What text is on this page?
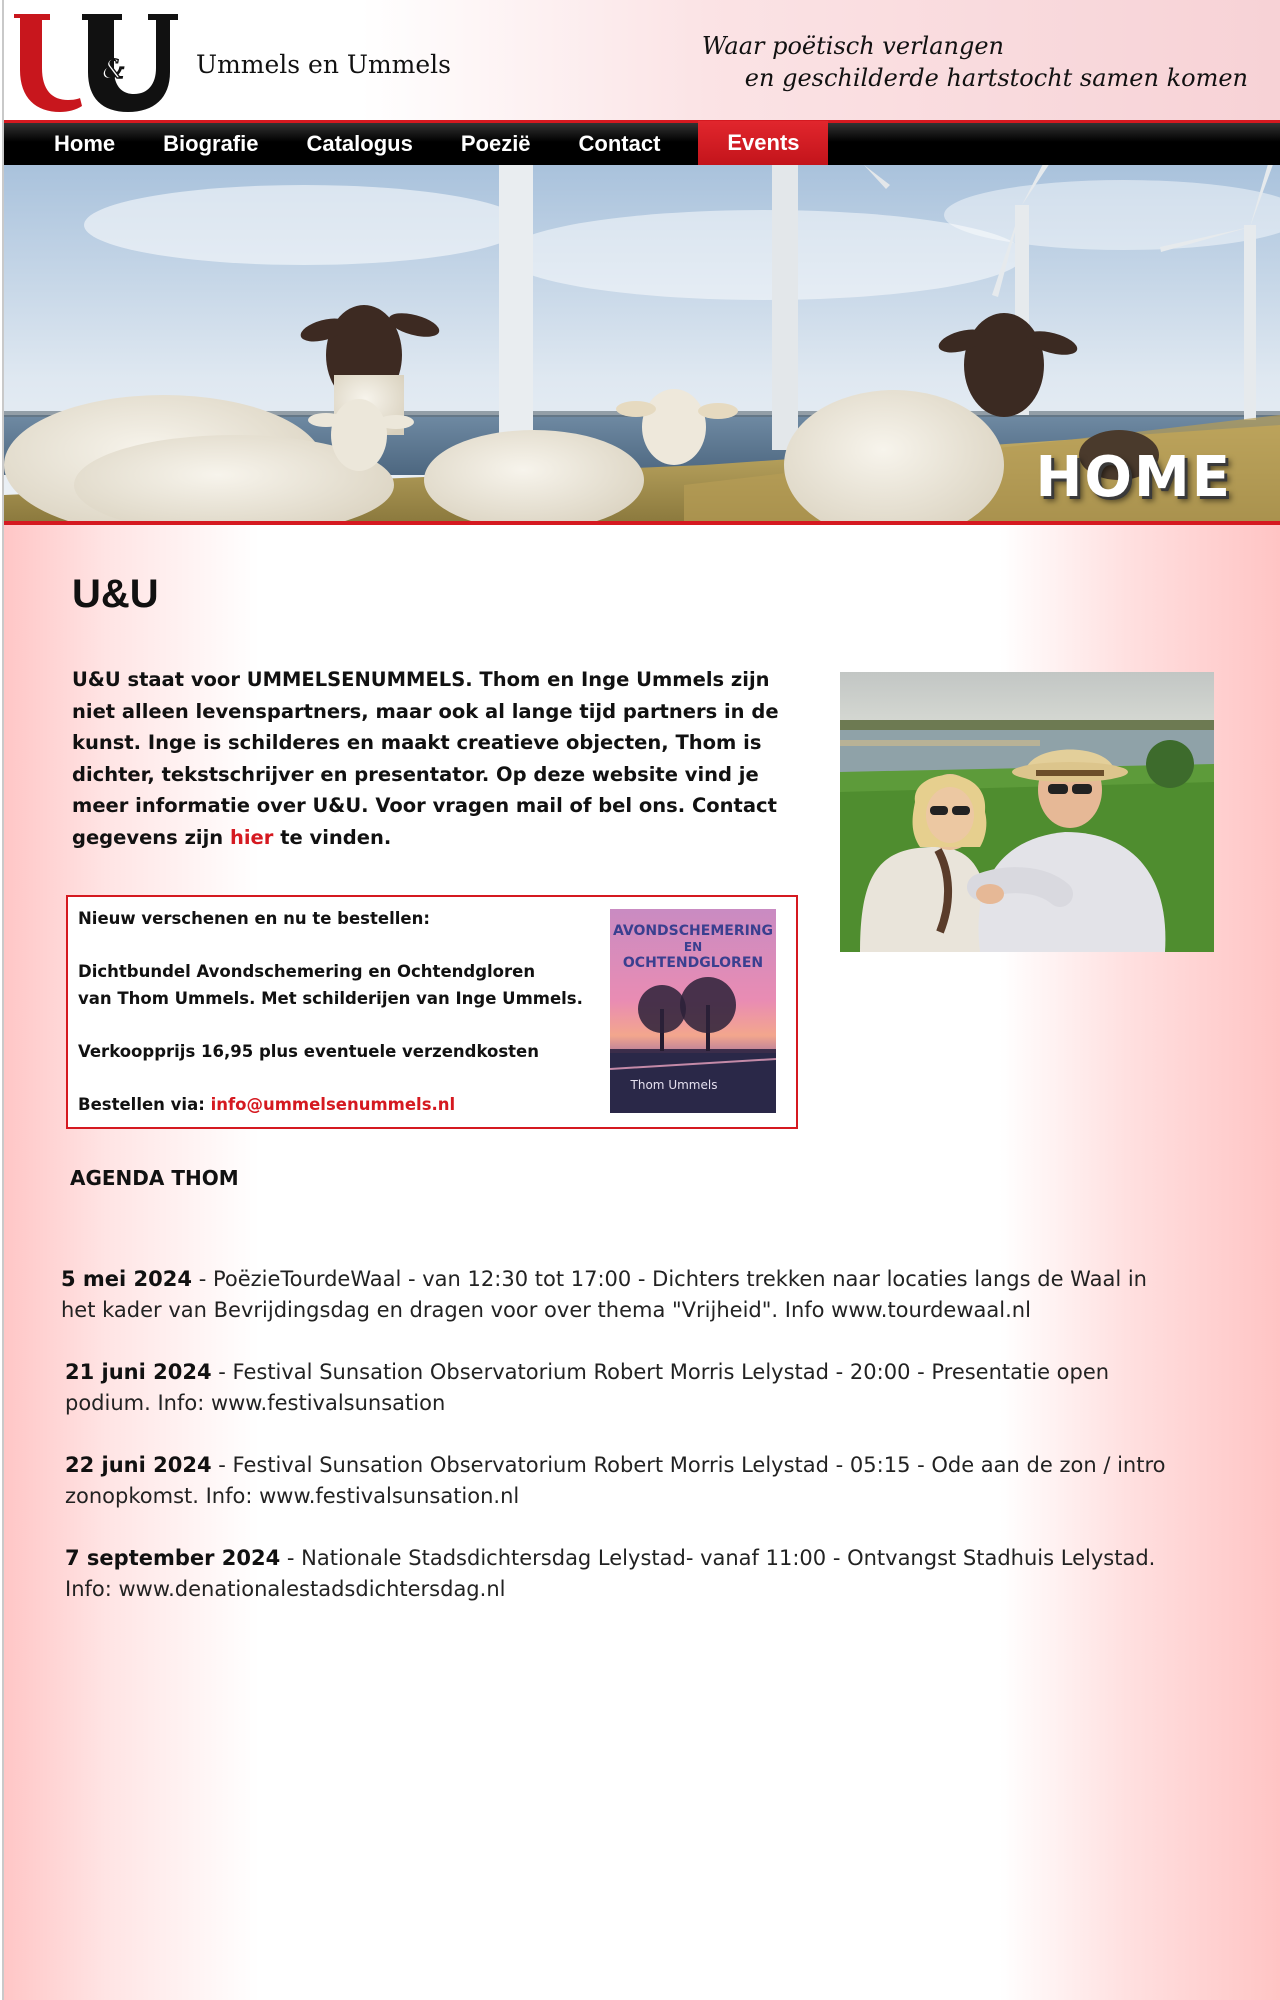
&	Ummels en Ummels
Waar poëtisch verlangen
en geschilderde hartstocht samen komen
Home	Biografie	Catalogus	Poezië	Contact	Events
HOME
U&U
U&U staat voor UMMELSENUMMELS. Thom en Inge Ummels zijn niet alleen levenspartners, maar ook al lange tijd partners in de kunst. Inge is schilderes en maakt creatieve objecten, Thom is dichter, tekstschrijver en presentator. Op deze website vind je meer informatie over U&U. Voor vragen mail of bel ons. Contact gegevens zijn hier te vinden.

Nieuw verschenen en nu te bestellen:

Dichtbundel Avondschemering en Ochtendgloren
van Thom Ummels. Met schilderijen van Inge Ummels.

Verkoopprijs 16,95 plus eventuele verzendkosten

Bestellen via: info@ummelsenummels.nl

AVONDSCHEMERING
EN
OCHTENDGLOREN
Thom Ummels
AGENDA THOM
5 mei 2024 - PoëzieTourdeWaal - van 12:30 tot 17:00 - Dichters trekken naar locaties langs de Waal in het kader van Bevrijdingsdag en dragen voor over thema "Vrijheid". Info www.tourdewaal.nl
21 juni 2024 - Festival Sunsation Observatorium Robert Morris Lelystad - 20:00 - Presentatie open podium. Info: www.festivalsunsation
22 juni 2024 - Festival Sunsation Observatorium Robert Morris Lelystad - 05:15 - Ode aan de zon / intro zonopkomst. Info: www.festivalsunsation.nl
7 september 2024 - Nationale Stadsdichtersdag Lelystad- vanaf 11:00 - Ontvangst Stadhuis Lelystad. Info: www.denationalestadsdichtersdag.nl
